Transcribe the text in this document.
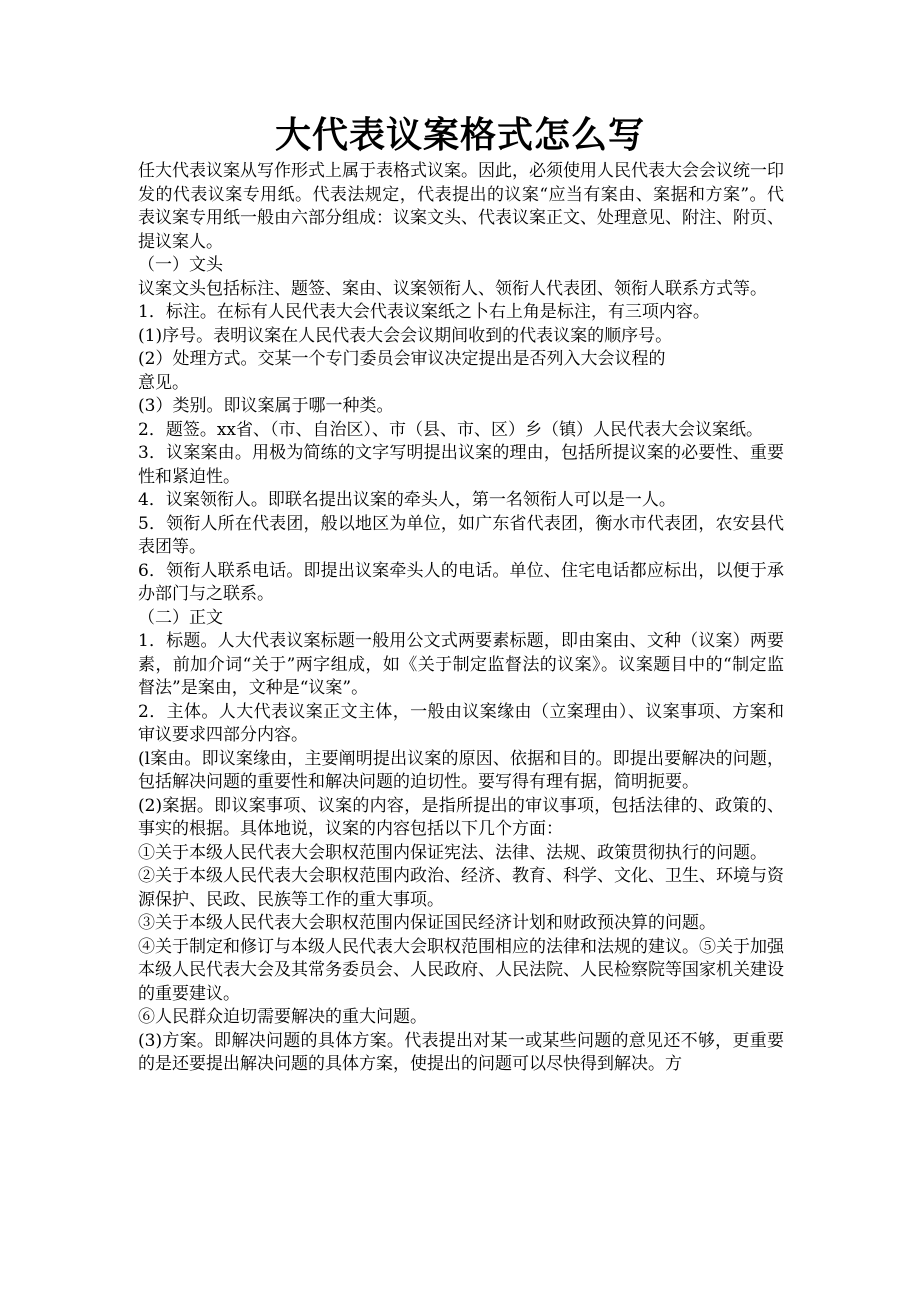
大代表议案格式怎么写

任大代表议案从写作形式上属于表格式议案。因此，必须使用人民代表大会会议统一印发的代表议案专用纸。代表法规定，代表提出的议案“应当有案由、案据和方案”。代表议案专用纸一般由六部分组成：议案文头、代表议案正文、处理意见、附注、附页、提议案人。

（一）文头

议案文头包括标注、题签、案由、议案领衔人、领衔人代表团、领衔人联系方式等。

1．标注。在标有人民代表大会代表议案纸之卜右上角是标注，有三项内容。

(1)序号。表明议案在人民代表大会会议期间收到的代表议案的顺序号。

(2）处理方式。交某一个专门委员会审议决定提出是否列入大会议程的

意见。

(3）类别。即议案属于哪一种类。

2．题签。xx省、（市、自治区）、市（县、市、区）乡（镇）人民代表大会议案纸。

3．议案案由。用极为简练的文字写明提出议案的理由，包括所提议案的必要性、重要性和紧迫性。

4．议案领衔人。即联名提出议案的牵头人，第一名领衔人可以是一人。

5．领衔人所在代表团，般以地区为单位，如广东省代表团，衡水市代表团，农安县代表团等。

6．领衔人联系电话。即提出议案牵头人的电话。单位、住宅电话都应标出，以便于承办部门与之联系。

（二）正文

1．标题。人大代表议案标题一般用公文式两要素标题，即由案由、文种（议案）两要素，前加介词“关于”两字组成，如《关于制定监督法的议案》。议案题目中的“制定监督法”是案由，文种是“议案”。

2．主体。人大代表议案正文主体，一般由议案缘由（立案理由）、议案事项、方案和审议要求四部分内容。

(l案由。即议案缘由，主要阐明提出议案的原因、依据和目的。即提出要解决的问题，包括解决问题的重要性和解决问题的迫切性。要写得有理有据，简明扼要。

(2)案据。即议案事项、议案的内容，是指所提出的审议事项，包括法律的、政策的、事实的根据。具体地说，议案的内容包括以下几个方面：

①关于本级人民代表大会职权范围内保证宪法、法律、法规、政策贯彻执行的问题。

②关于本级人民代表大会职权范围内政治、经济、教育、科学、文化、卫生、环境与资源保护、民政、民族等工作的重大事项。

③关于本级人民代表大会职权范围内保证国民经济计划和财政预决算的问题。

④关于制定和修订与本级人民代表大会职权范围相应的法律和法规的建议。⑤关于加强本级人民代表大会及其常务委员会、人民政府、人民法院、人民检察院等国家机关建设的重要建议。

⑥人民群众迫切需要解决的重大问题。

(3)方案。即解决问题的具体方案。代表提出对某一或某些问题的意见还不够，更重要的是还要提出解决问题的具体方案，使提出的问题可以尽快得到解决。方
